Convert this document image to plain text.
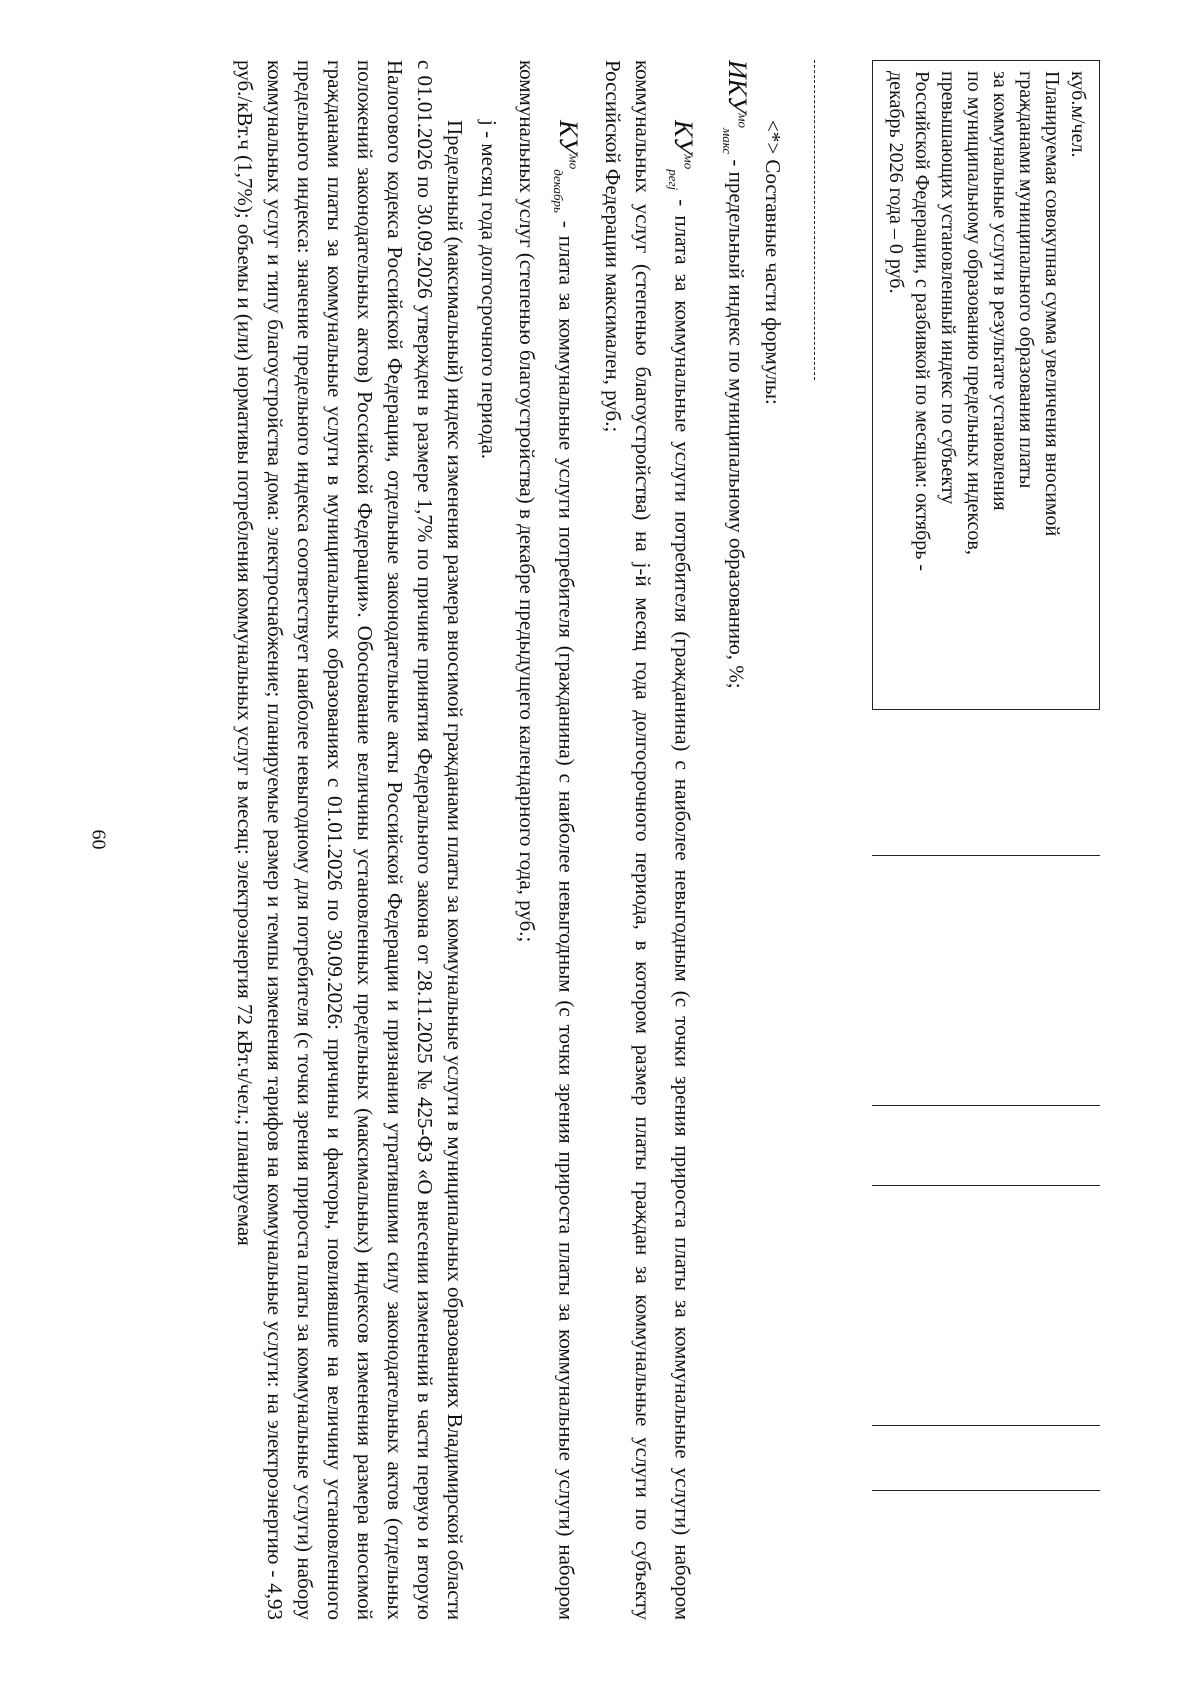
60

куб.м/чел.

Планируемая совокупная сумма увеличения вносимой

гражданами муниципального образования платы

за коммунальные услуги в результате установления

по муниципальному образованию предельных индексов,

превышающих установленный индекс по субъекту

Российской Федерации, с разбивкой по месяцам: октябрь -

декабрь 2026 года – 0 руб.

<*> Составные части формулы:

$ИКУ^{мо}_{макс}$ - предельный индекс по муниципальному образованию, %;

$КУ^{мо}_{регj}$ - плата за коммунальные услуги потребителя (гражданина) с наиболее невыгодным (с точки зрения прироста платы за коммунальные услуги) набором коммунальных услуг (степенью благоустройства) на j-й месяц года долгосрочного периода, в котором размер платы граждан за коммунальные услуги по субъекту Российской Федерации максимален, руб.;

$КУ^{мо}_{декабрь}$ - плата за коммунальные услуги потребителя (гражданина) с наиболее невыгодным (с точки зрения прироста платы за коммунальные услуги) набором коммунальных услуг (степенью благоустройства) в декабре предыдущего календарного года, руб.;

j - месяц года долгосрочного периода.

Предельный (максимальный) индекс изменения размера вносимой гражданами платы за коммунальные услуги в муниципальных образованиях Владимирской области с 01.01.2026 по 30.09.2026 утвержден в размере 1,7% по причине принятия Федерального закона от 28.11.2025 № 425-ФЗ «О внесении изменений в части первую и вторую Налогового кодекса Российской Федерации, отдельные законодательные акты Российской Федерации и признании утратившими силу законодательных актов (отдельных положений законодательных актов) Российской Федерации». Обоснование величины установленных предельных (максимальных) индексов изменения размера вносимой гражданами платы за коммунальные услуги в муниципальных образованиях с 01.01.2026 по 30.09.2026: причины и факторы, повлиявшие на величину установленного предельного индекса: значение предельного индекса соответствует наиболее невыгодному для потребителя (с точки зрения прироста платы за коммунальные услуги) набору коммунальных услуг и типу благоустройства дома: электроснабжение; планируемые размер и темпы изменения тарифов на коммунальные услуги: на электроэнергию - 4,93 руб./кВт.ч (1,7%); объемы и (или) нормативы потребления коммунальных услуг в месяц: электроэнергия 72 кВт.ч/чел.; планируемая
